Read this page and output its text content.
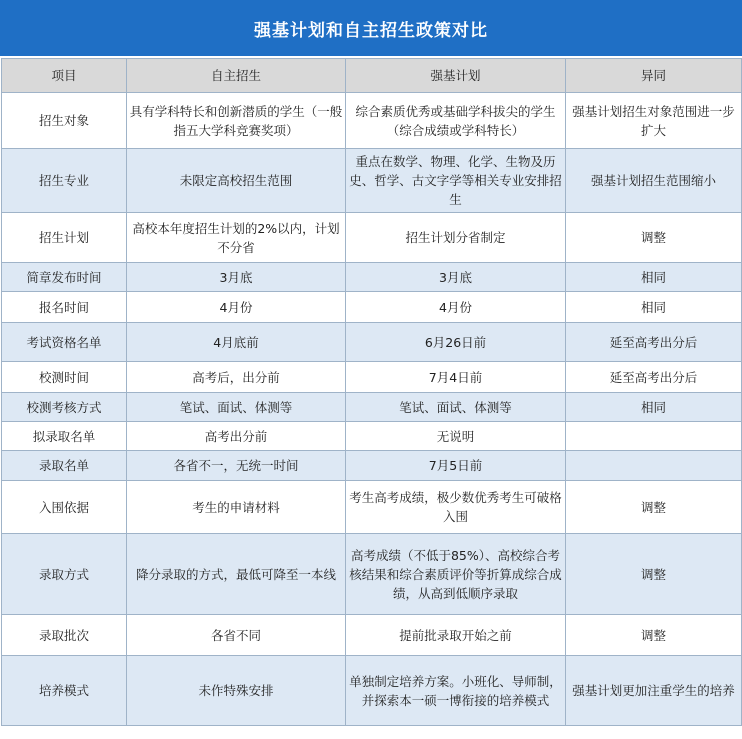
强基计划和自主招生政策对比
项目	自主招生	强基计划	异同
招生对象	具有学科特长和创新潜质的学生（一般指五大学科竞赛奖项）	综合素质优秀或基础学科拔尖的学生（综合成绩或学科特长）	强基计划招生对象范围进一步扩大
招生专业	未限定高校招生范围	重点在数学、物理、化学、生物及历史、哲学、古文字学等相关专业安排招生	强基计划招生范围缩小
招生计划	高校本年度招生计划的2%以内，计划不分省	招生计划分省制定	调整
简章发布时间	3月底	3月底	相同
报名时间	4月份	4月份	相同
考试资格名单	4月底前	6月26日前	延至高考出分后
校测时间	高考后，出分前	7月4日前	延至高考出分后
校测考核方式	笔试、面试、体测等	笔试、面试、体测等	相同
拟录取名单	高考出分前	无说明	
录取名单	各省不一，无统一时间	7月5日前	
入围依据	考生的申请材料	考生高考成绩，极少数优秀考生可破格入围	调整
录取方式	降分录取的方式，最低可降至一本线	高考成绩（不低于85%）、高校综合考核结果和综合素质评价等折算成综合成绩，从高到低顺序录取	调整
录取批次	各省不同	提前批录取开始之前	调整
培养模式	未作特殊安排	单独制定培养方案。小班化、导师制，并探索本一硕一博衔接的培养模式	强基计划更加注重学生的培养
